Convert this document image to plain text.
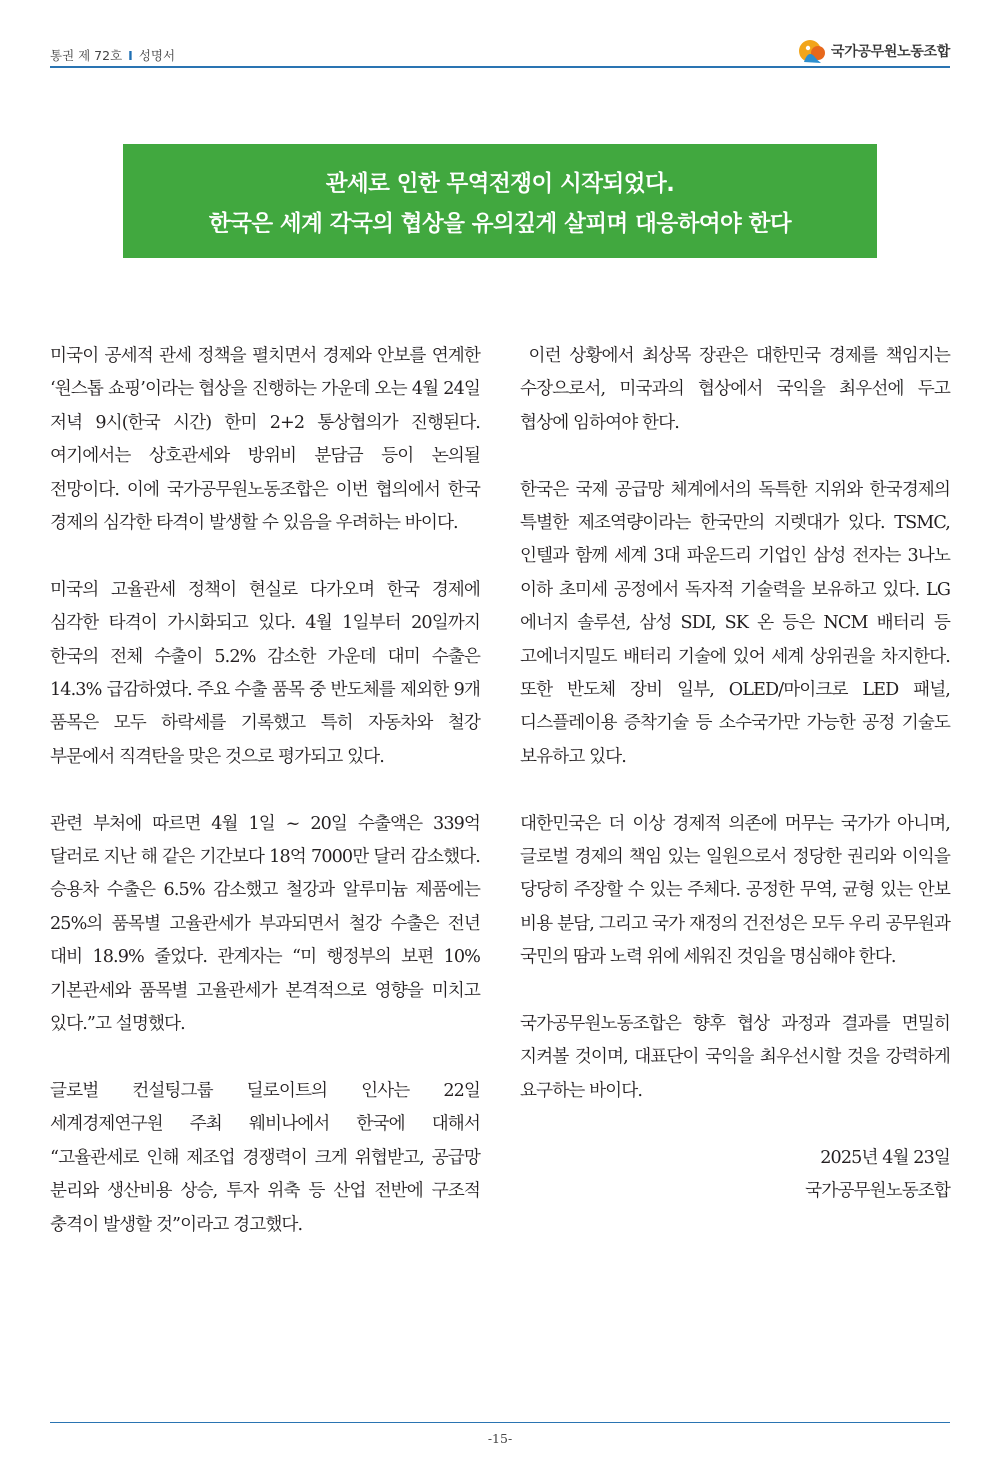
통권 제 72호 I 성명서	국가공무원노동조합
관세로 인한 무역전쟁이 시작되었다.
한국은 세계 각국의 협상을 유의깊게 살피며 대응하여야 한다

미국이 공세적 관세 정책을 펼치면서 경제와 안보를 연계한 ‘원스톱 쇼핑’이라는 협상을 진행하는 가운데 오는 4월 24일 저녁 9시(한국 시간) 한미 2+2 통상협의가 진행된다. 여기에서는 상호관세와 방위비 분담금 등이 논의될 전망이다. 이에 국가공무원노동조합은 이번 협의에서 한국 경제의 심각한 타격이 발생할 수 있음을 우려하는 바이다.

미국의 고율관세 정책이 현실로 다가오며 한국 경제에 심각한 타격이 가시화되고 있다. 4월 1일부터 20일까지 한국의 전체 수출이 5.2% 감소한 가운데 대미 수출은 14.3% 급감하였다. 주요 수출 품목 중 반도체를 제외한 9개 품목은 모두 하락세를 기록했고 특히 자동차와 철강 부문에서 직격탄을 맞은 것으로 평가되고 있다.

관련 부처에 따르면 4월 1일 ~ 20일 수출액은 339억 달러로 지난 해 같은 기간보다 18억 7000만 달러 감소했다. 승용차 수출은 6.5% 감소했고 철강과 알루미늄 제품에는 25%의 품목별 고율관세가 부과되면서 철강 수출은 전년 대비 18.9% 줄었다. 관계자는 “미 행정부의 보편 10% 기본관세와 품목별 고율관세가 본격적으로 영향을 미치고 있다.”고 설명했다.

글로벌 컨설팅그룹 딜로이트의 인사는 22일 세계경제연구원 주최 웨비나에서 한국에 대해서 “고율관세로 인해 제조업 경쟁력이 크게 위협받고, 공급망 분리와 생산비용 상승, 투자 위축 등 산업 전반에 구조적 충격이 발생할 것”이라고 경고했다.

이런 상황에서 최상목 장관은 대한민국 경제를 책임지는 수장으로서, 미국과의 협상에서 국익을 최우선에 두고 협상에 임하여야 한다.

한국은 국제 공급망 체계에서의 독특한 지위와 한국경제의 특별한 제조역량이라는 한국만의 지렛대가 있다. TSMC, 인텔과 함께 세계 3대 파운드리 기업인 삼성 전자는 3나노 이하 초미세 공정에서 독자적 기술력을 보유하고 있다. LG 에너지 솔루션, 삼성 SDI, SK 온 등은 NCM 배터리 등 고에너지밀도 배터리 기술에 있어 세계 상위권을 차지한다. 또한 반도체 장비 일부, OLED/마이크로 LED 패널, 디스플레이용 증착기술 등 소수국가만 가능한 공정 기술도 보유하고 있다.

대한민국은 더 이상 경제적 의존에 머무는 국가가 아니며, 글로벌 경제의 책임 있는 일원으로서 정당한 권리와 이익을 당당히 주장할 수 있는 주체다. 공정한 무역, 균형 있는 안보 비용 분담, 그리고 국가 재정의 건전성은 모두 우리 공무원과 국민의 땀과 노력 위에 세워진 것임을 명심해야 한다.

국가공무원노동조합은 향후 협상 과정과 결과를 면밀히 지켜볼 것이며, 대표단이 국익을 최우선시할 것을 강력하게 요구하는 바이다.

2025년 4월 23일
국가공무원노동조합
-15-
